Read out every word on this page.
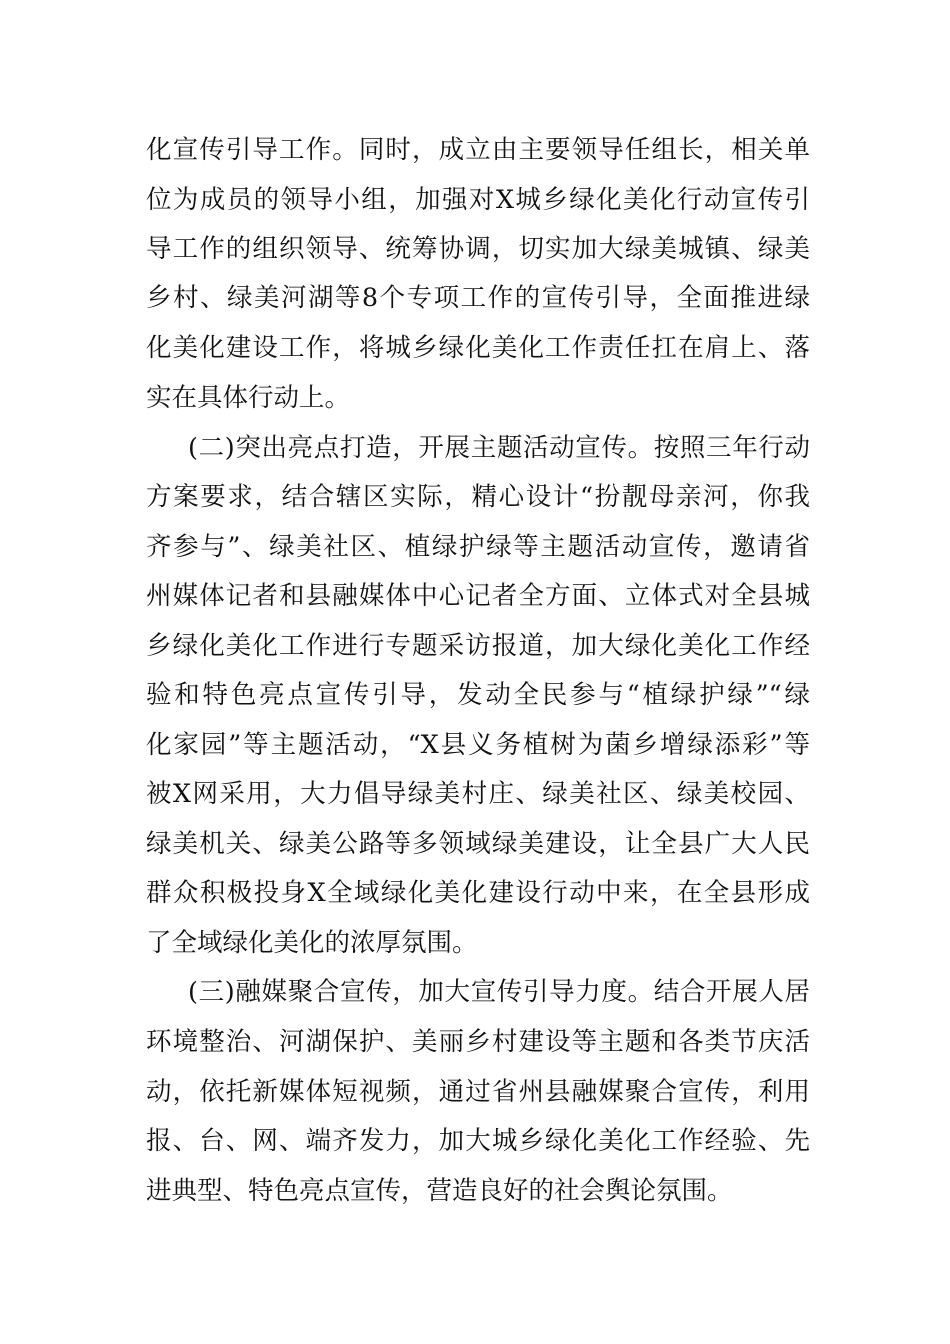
化宣传引导工作。同时，成立由主要领导任组长，相关单
位为成员的领导小组，加强对X城乡绿化美化行动宣传引
导工作的组织领导、统筹协调，切实加大绿美城镇、绿美
乡村、绿美河湖等8个专项工作的宣传引导，全面推进绿
化美化建设工作，将城乡绿化美化工作责任扛在肩上、落
实在具体行动上。
(二)突出亮点打造，开展主题活动宣传。按照三年行动
方案要求，结合辖区实际，精心设计“扮靓母亲河，你我
齐参与”、绿美社区、植绿护绿等主题活动宣传，邀请省
州媒体记者和县融媒体中心记者全方面、立体式对全县城
乡绿化美化工作进行专题采访报道，加大绿化美化工作经
验和特色亮点宣传引导，发动全民参与“植绿护绿”“绿
化家园”等主题活动，“X县义务植树为菌乡增绿添彩”等
被X网采用，大力倡导绿美村庄、绿美社区、绿美校园、
绿美机关、绿美公路等多领域绿美建设，让全县广大人民
群众积极投身X全域绿化美化建设行动中来，在全县形成
了全域绿化美化的浓厚氛围。
(三)融媒聚合宣传，加大宣传引导力度。结合开展人居
环境整治、河湖保护、美丽乡村建设等主题和各类节庆活
动，依托新媒体短视频，通过省州县融媒聚合宣传，利用
报、台、网、端齐发力，加大城乡绿化美化工作经验、先
进典型、特色亮点宣传，营造良好的社会舆论氛围。
